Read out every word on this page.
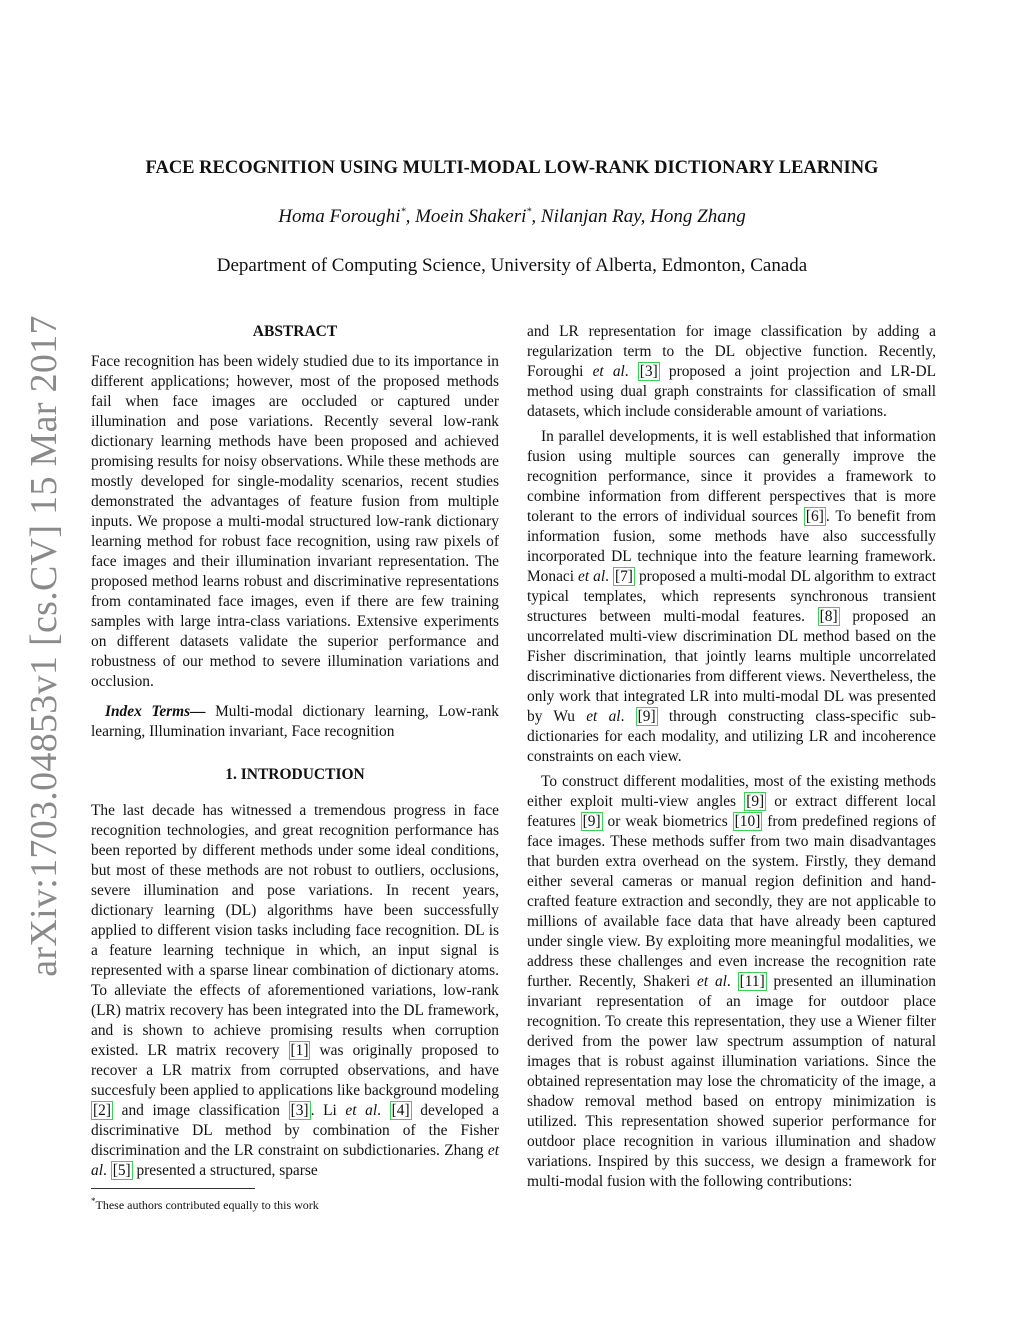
arXiv:1703.04853v1 [cs.CV] 15 Mar 2017
FACE RECOGNITION USING MULTI-MODAL LOW-RANK DICTIONARY LEARNING
Homa Foroughi*, Moein Shakeri*, Nilanjan Ray, Hong Zhang
Department of Computing Science, University of Alberta, Edmonton, Canada
ABSTRACT

Face recognition has been widely studied due to its importance in different applications; however, most of the proposed methods fail when face images are occluded or captured under illumination and pose variations. Recently several low-rank dictionary learning methods have been proposed and achieved promising results for noisy observations. While these methods are mostly developed for single-modality scenarios, recent studies demonstrated the advantages of feature fusion from multiple inputs. We propose a multi-modal structured low-rank dictionary learning method for robust face recognition, using raw pixels of face images and their illumination invariant representation. The proposed method learns robust and discriminative representations from contaminated face images, even if there are few training samples with large intra-class variations. Extensive experiments on different datasets validate the superior performance and robustness of our method to severe illumination variations and occlusion.

Index Terms— Multi-modal dictionary learning, Low-rank learning, Illumination invariant, Face recognition

1. INTRODUCTION

The last decade has witnessed a tremendous progress in face recognition technologies, and great recognition performance has been reported by different methods under some ideal conditions, but most of these methods are not robust to outliers, occlusions, severe illumination and pose variations. In recent years, dictionary learning (DL) algorithms have been successfully applied to different vision tasks including face recognition. DL is a feature learning technique in which, an input signal is represented with a sparse linear combination of dictionary atoms. To alleviate the effects of aforementioned variations, low-rank (LR) matrix recovery has been integrated into the DL framework, and is shown to achieve promising results when corruption existed. LR matrix recovery [1] was originally proposed to recover a LR matrix from corrupted observations, and have succesfuly been applied to applications like background modeling [2] and image classification [3] . Li et al. [4] developed a discriminative DL method by combination of the Fisher discrimination and the LR constraint on subdictionaries. Zhang et al. [5] presented a structured, sparse

*These authors contributed equally to this work

and LR representation for image classification by adding a regularization term to the DL objective function. Recently, Foroughi et al. [3] proposed a joint projection and LR-DL method using dual graph constraints for classification of small datasets, which include considerable amount of variations.

In parallel developments, it is well established that information fusion using multiple sources can generally improve the recognition performance, since it provides a framework to combine information from different perspectives that is more tolerant to the errors of individual sources [6] . To benefit from information fusion, some methods have also successfully incorporated DL technique into the feature learning framework. Monaci et al. [7] proposed a multi-modal DL algorithm to extract typical templates, which represents synchronous transient structures between multi-modal features. [8] proposed an uncorrelated multi-view discrimination DL method based on the Fisher discrimination, that jointly learns multiple uncorrelated discriminative dictionaries from different views. Nevertheless, the only work that integrated LR into multi-modal DL was presented by Wu et al. [9] through constructing class-specific sub-dictionaries for each modality, and utilizing LR and incoherence constraints on each view.

To construct different modalities, most of the existing methods either exploit multi-view angles [9] or extract different local features [9] or weak biometrics [10] from predefined regions of face images. These methods suffer from two main disadvantages that burden extra overhead on the system. Firstly, they demand either several cameras or manual region definition and hand-crafted feature extraction and secondly, they are not applicable to millions of available face data that have already been captured under single view. By exploiting more meaningful modalities, we address these challenges and even increase the recognition rate further. Recently, Shakeri et al. [11] presented an illumination invariant representation of an image for outdoor place recognition. To create this representation, they use a Wiener filter derived from the power law spectrum assumption of natural images that is robust against illumination variations. Since the obtained representation may lose the chromaticity of the image, a shadow removal method based on entropy minimization is utilized. This representation showed superior performance for outdoor place recognition in various illumination and shadow variations. Inspired by this success, we design a framework for multi-modal fusion with the following contributions:
